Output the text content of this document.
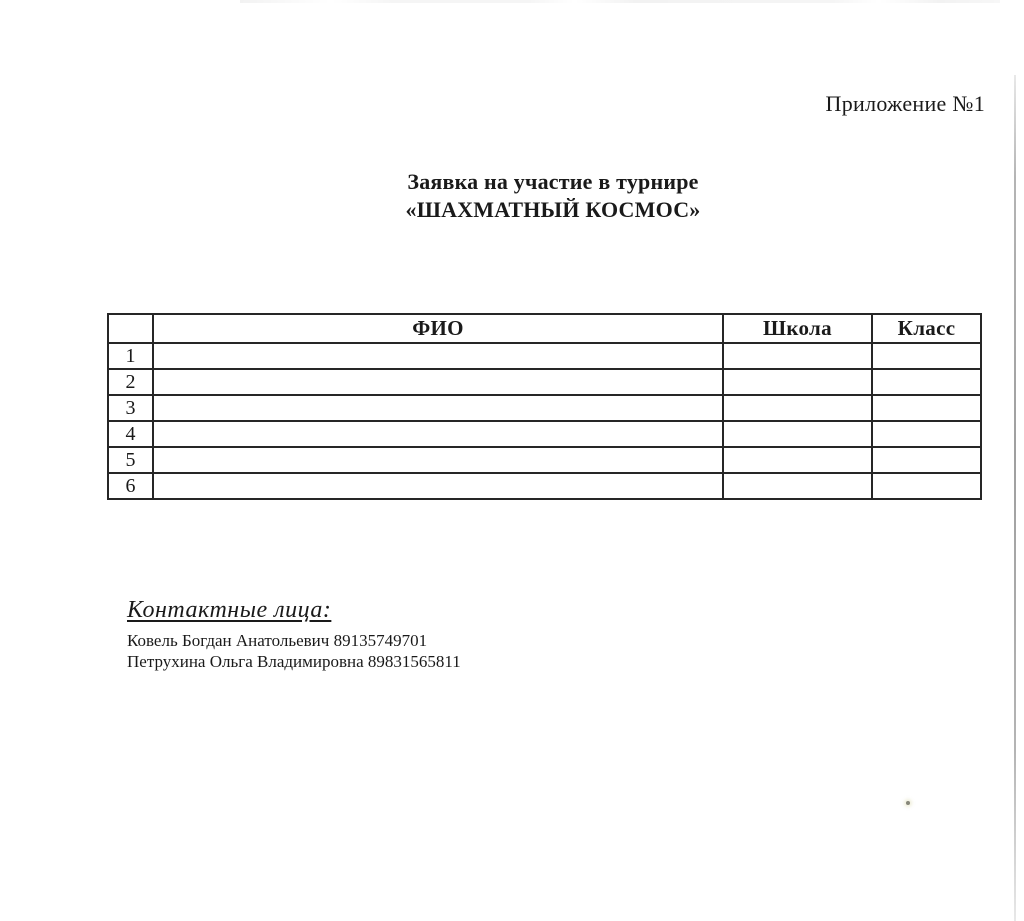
Приложение №1
Заявка на участие в турнире
«ШАХМАТНЫЙ КОСМОС»
	ФИО	Школа	Класс
1			
2			
3			
4			
5			
6			
Контактные лица:
Ковель Богдан Анатольевич 89135749701
Петрухина Ольга Владимировна 89831565811
